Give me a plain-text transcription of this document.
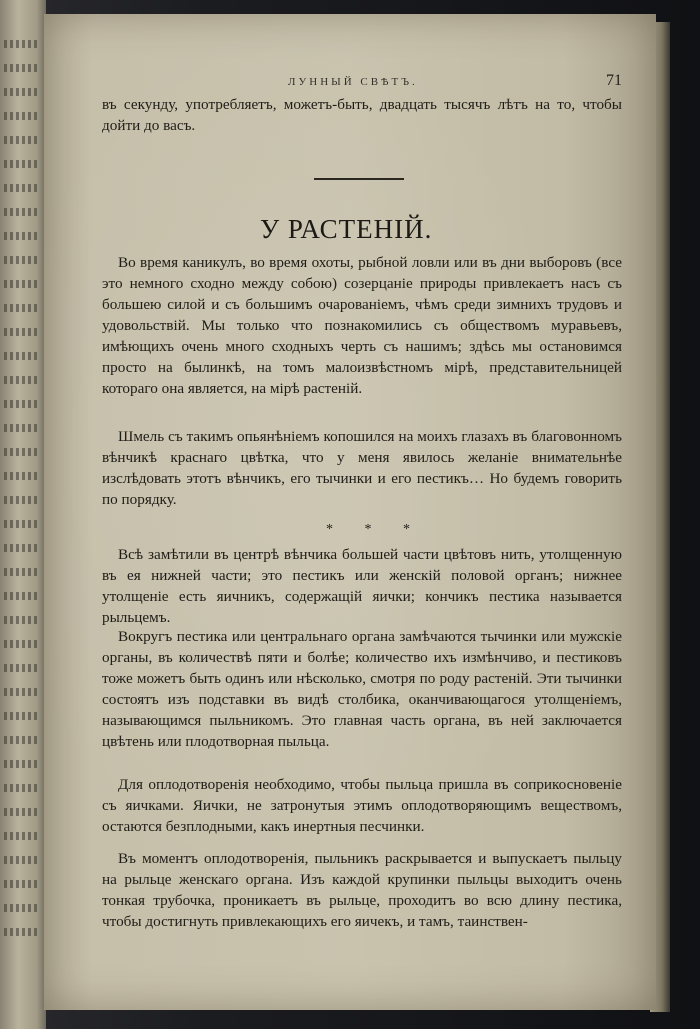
ЛУННЫЙ СВѢТЪ.	71
въ секунду, употребляетъ, можетъ-быть, двадцать тысячъ лѣтъ на то, чтобы дойти до васъ.
У РАСТЕНІЙ.
Во время каникулъ, во время охоты, рыбной ловли или въ дни выборовъ (все это немного сходно между собою) созерцаніе природы привлекаетъ насъ съ большею силой и съ большимъ очарованіемъ, чѣмъ среди зимнихъ трудовъ и удовольствій. Мы только что познакомились съ обществомъ муравьевъ, имѣющихъ очень много сходныхъ черть съ нашимъ; здѣсь мы остановимся просто на былинкѣ, на томъ малоизвѣстномъ мірѣ, представительницей котораго она является, на мірѣ растеній.
Шмель съ такимъ опьянѣніемъ копошился на моихъ глазахъ въ благовонномъ вѣнчикѣ краснаго цвѣтка, что у меня явилось желаніе внимательнѣе изслѣдовать этотъ вѣнчикъ, его тычинки и его пестикъ… Но будемъ говорить по порядку.
* * *
Всѣ замѣтили въ центрѣ вѣнчика большей части цвѣтовъ нить, утолщенную въ ея нижней части; это пестикъ или женскій половой органъ; нижнее утолщеніе есть яичникъ, содержащій яички; кончикъ пестика называется рыльцемъ.
Вокругъ пестика или центральнаго органа замѣчаются тычинки или мужскіе органы, въ количествѣ пяти и болѣе; количество ихъ измѣнчиво, и пестиковъ тоже можетъ быть одинъ или нѣсколько, смотря по роду растеній. Эти тычинки состоятъ изъ подставки въ видѣ столбика, оканчивающагося утолщеніемъ, называющимся пыльникомъ. Это главная часть органа, въ ней заключается цвѣтень или плодотворная пыльца.
Для оплодотворенія необходимо, чтобы пыльца пришла въ соприкосновеніе съ яичками. Яички, не затронутыя этимъ оплодотворяющимъ веществомъ, остаются безплодными, какъ инертныя песчинки.
Въ моментъ оплодотворенія, пыльникъ раскрывается и выпускаетъ пыльцу на рыльце женскаго органа. Изъ каждой крупинки пыльцы выходитъ очень тонкая трубочка, проникаетъ въ рыльце, проходитъ во всю длину пестика, чтобы достигнуть привлекающихъ его яичекъ, и тамъ, таинствен-
